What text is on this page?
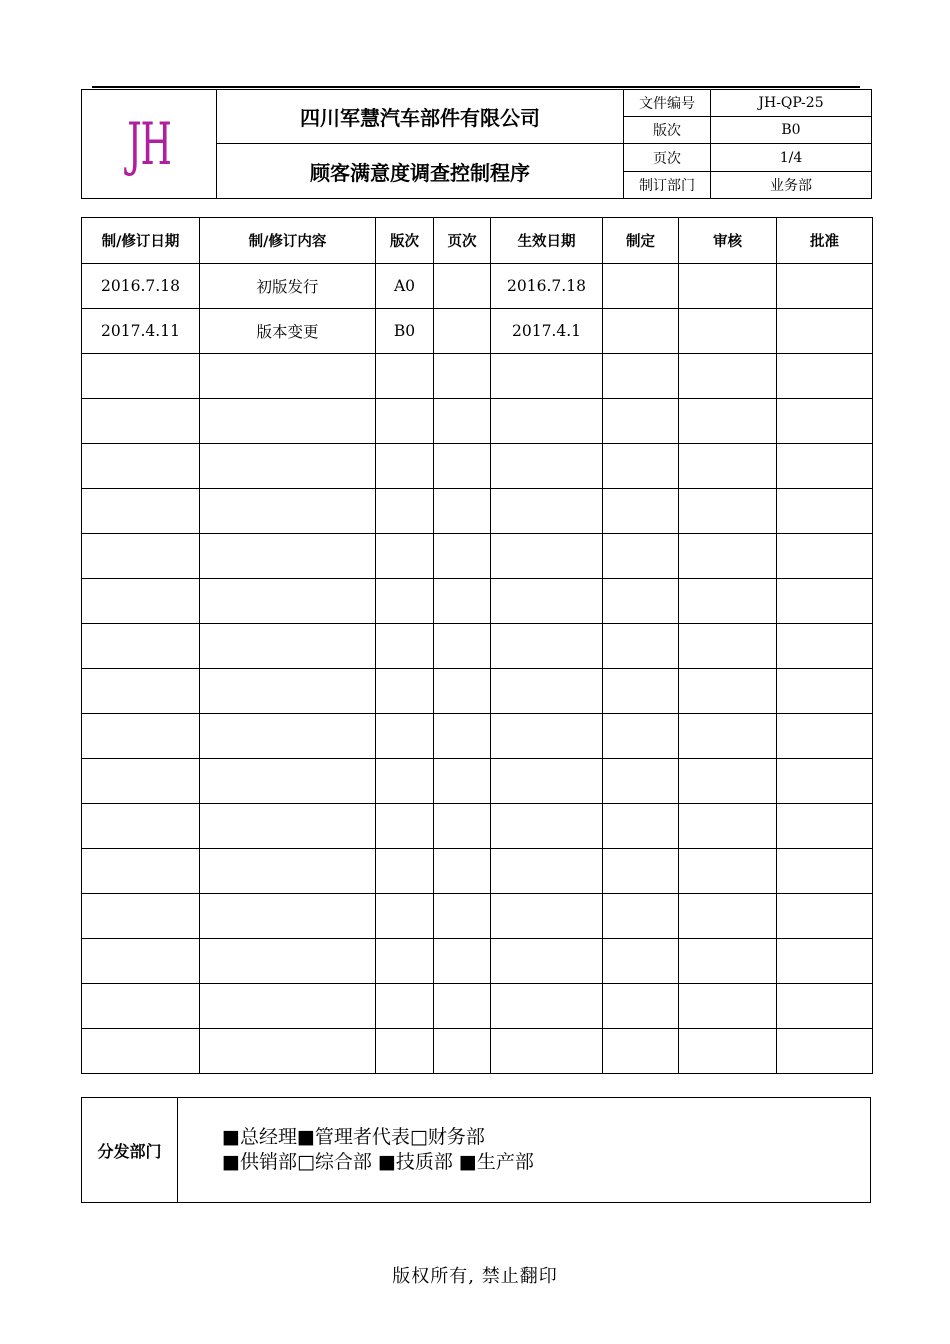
JH	四川军慧汽车部件有限公司	文件编号	JH-QP-25
		版次	B0
	顾客满意度调查控制程序	页次	1/4
		制订部门	业务部
制/修订日期	制/修订内容	版次	页次	生效日期	制定	审核	批准
2016.7.18	初版发行	A0		2016.7.18			
2017.4.11	版本变更	B0		2017.4.1			

分发部门	
■总经理■管理者代表□财务部
■供销部□综合部 ■技质部 ■生产部
版权所有, 禁止翻印
